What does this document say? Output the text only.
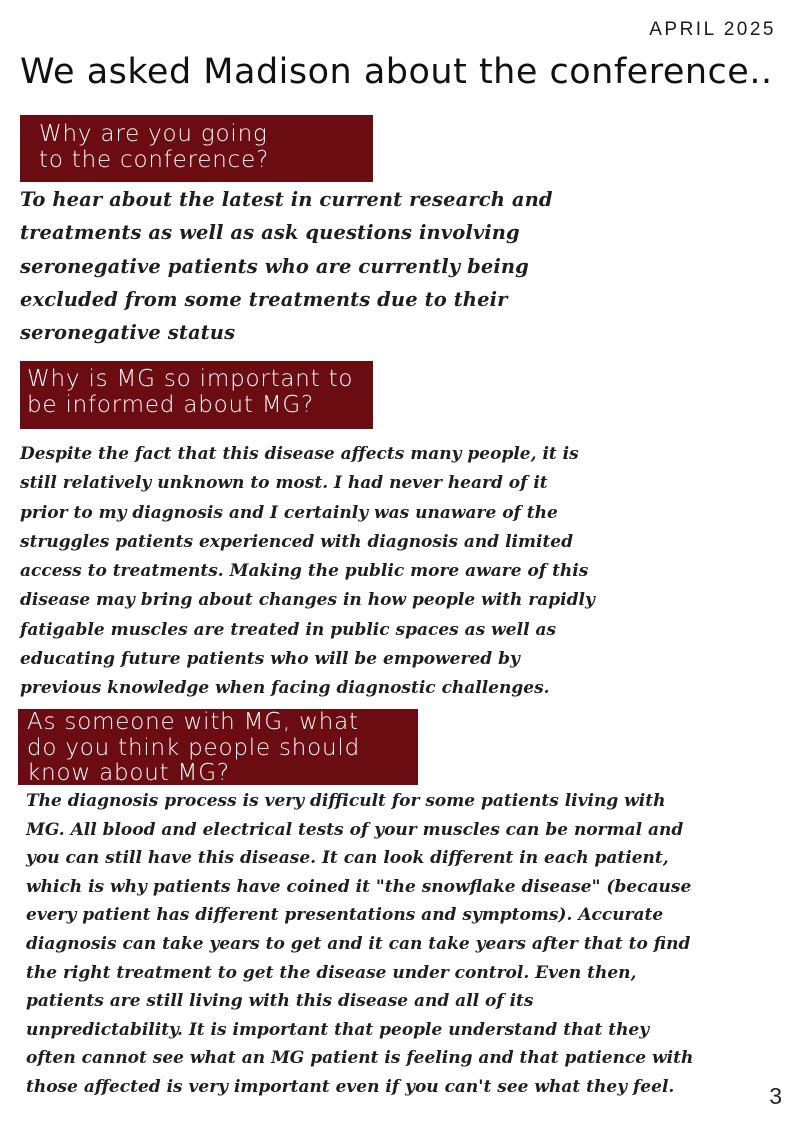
APRIL 2025
We asked Madison about the conference..
Why are you going
to the conference?

To hear about the latest in current research and
treatments as well as ask questions involving
seronegative patients who are currently being
excluded from some treatments due to their
seronegative status

Why is MG so important to
be informed about MG?

Despite the fact that this disease affects many people, it is
still relatively unknown to most. I had never heard of it
prior to my diagnosis and I certainly was unaware of the
struggles patients experienced with diagnosis and limited
access to treatments. Making the public more aware of this
disease may bring about changes in how people with rapidly
fatigable muscles are treated in public spaces as well as
educating future patients who will be empowered by
previous knowledge when facing diagnostic challenges.

As someone with MG, what
do you think people should
know about MG?

The diagnosis process is very difficult for some patients living with
MG. All blood and electrical tests of your muscles can be normal and
you can still have this disease. It can look different in each patient,
which is why patients have coined it "the snowflake disease" (because
every patient has different presentations and symptoms). Accurate
diagnosis can take years to get and it can take years after that to find
the right treatment to get the disease under control. Even then,
patients are still living with this disease and all of its
unpredictability. It is important that people understand that they
often cannot see what an MG patient is feeling and that patience with
those affected is very important even if you can't see what they feel.	3
